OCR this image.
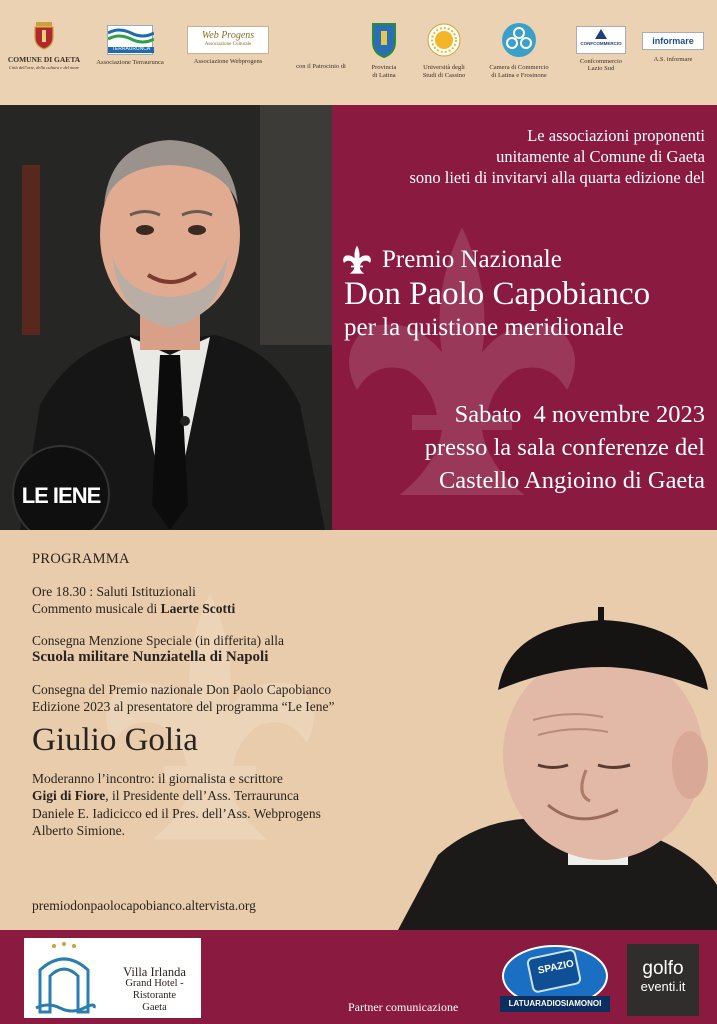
COMUNE DI GAETA
Città dell'arte, della cultura e del mare
TERRAURUNCA
Associazione Terraurunca
Web Progens
Associazione Culturale
Associazione Webprogens
con il Patrocinio di	Provincia
di Latina
Università degli
Studi di Cassino
Camera di Commercio
di Latina e Frosinone
CONFCOMMERCIO
Confcommercio
Lazio Sud
informare
A.S. informare
LE IENE
Le associazioni proponenti
unitamente al Comune di Gaeta
sono lieti di invitarvi alla quarta edizione del
Premio Nazionale
Don Paolo Capobianco
per la quistione meridionale
Sabato  4 novembre 2023
presso la sala conferenze del
Castello Angioino di Gaeta
PROGRAMMA
Ore 18.30 : Saluti Istituzionali
Commento musicale di Laerte Scotti
Consegna Menzione Speciale (in differita) alla
Scuola militare Nunziatella di Napoli
Consegna del Premio nazionale Don Paolo Capobianco
Edizione 2023 al presentatore del programma “Le Iene”
Giulio Golia
Moderanno l’incontro: il giornalista e scrittore
Gigi di Fiore, il Presidente dell’Ass. Terraurunca
Daniele E. Iadicicco ed il Pres. dell’Ass. Webprogens
Alberto Simione.
premiodonpaolocapobianco.altervista.org
Villa Irlanda
Grand Hotel - Ristorante
Gaeta	Partner comunicazione
SPAZIO
LATUARADIOSIAMONOI
golfo
eventi.it
